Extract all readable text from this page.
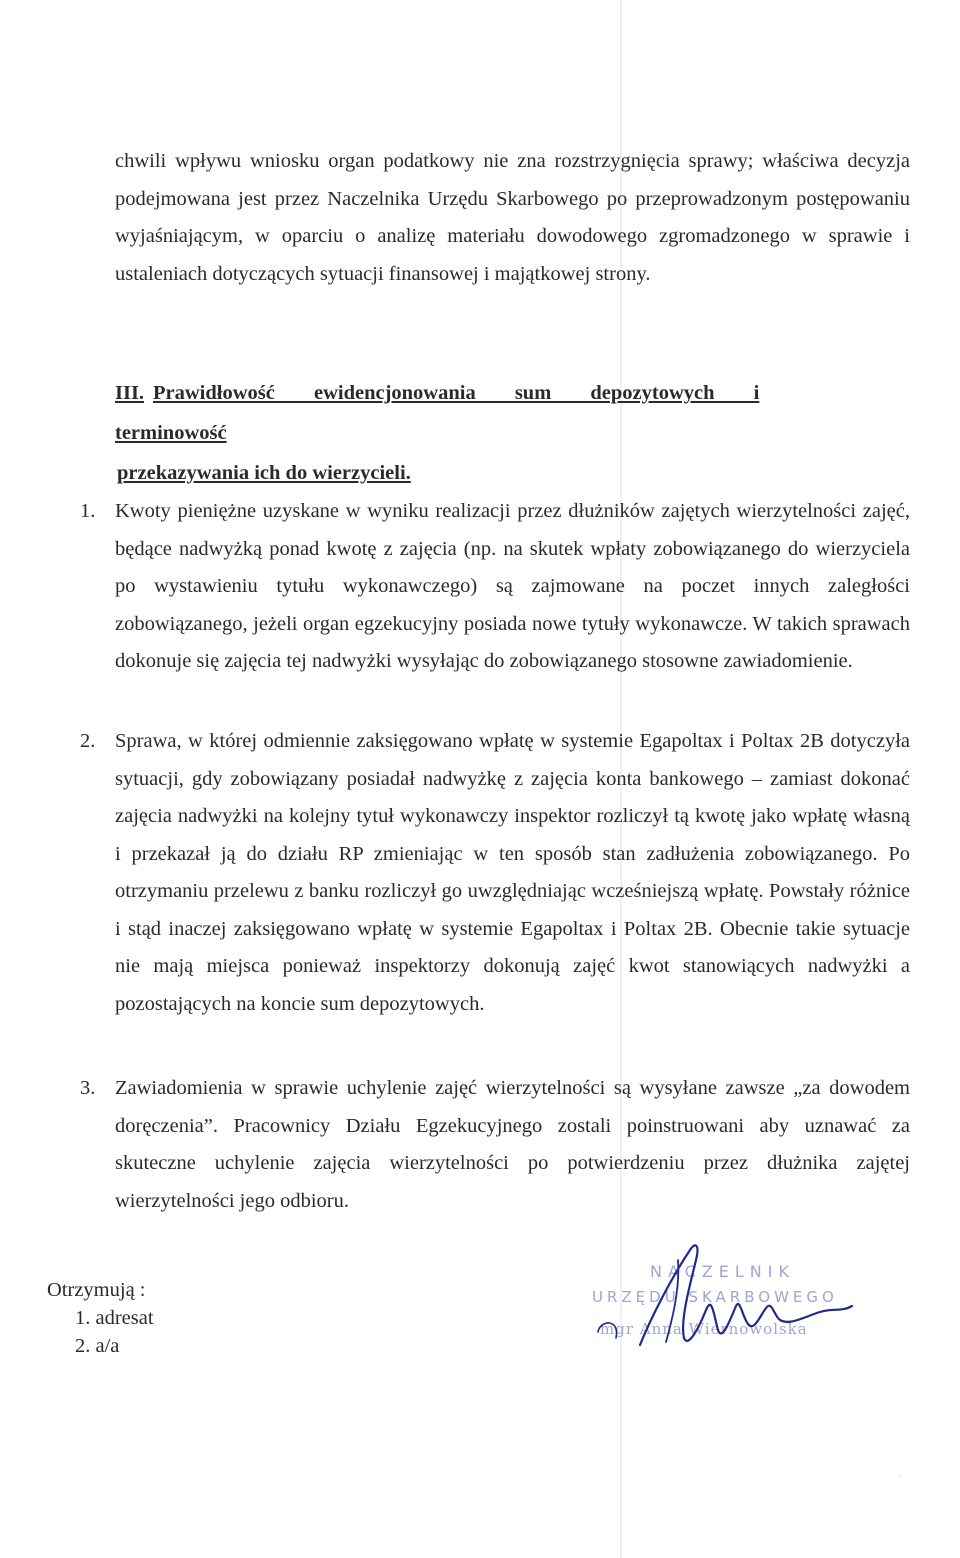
chwili wpływu wniosku organ podatkowy nie zna rozstrzygnięcia sprawy; właściwa decyzja podejmowana jest przez Naczelnika Urzędu Skarbowego po przeprowadzonym postępowaniu wyjaśniającym, w oparciu o analizę materiału dowodowego zgromadzonego w sprawie i ustaleniach dotyczących sytuacji finansowej i majątkowej strony.
III. Prawidłowość ewidencjonowania sum depozytowych i terminowość
przekazywania ich do wierzycieli.
1. Kwoty pieniężne uzyskane w wyniku realizacji przez dłużników zajętych wierzytelności zajęć, będące nadwyżką ponad kwotę z zajęcia (np. na skutek wpłaty zobowiązanego do wierzyciela po wystawieniu tytułu wykonawczego) są zajmowane na poczet innych zaległości zobowiązanego, jeżeli organ egzekucyjny posiada nowe tytuły wykonawcze. W takich sprawach dokonuje się zajęcia tej nadwyżki wysyłając do zobowiązanego stosowne zawiadomienie.
2. Sprawa, w której odmiennie zaksięgowano wpłatę w systemie Egapoltax i Poltax 2B dotyczyła sytuacji, gdy zobowiązany posiadał nadwyżkę z zajęcia konta bankowego – zamiast dokonać zajęcia nadwyżki na kolejny tytuł wykonawczy inspektor rozliczył tą kwotę jako wpłatę własną i przekazał ją do działu RP zmieniając w ten sposób stan zadłużenia zobowiązanego. Po otrzymaniu przelewu z banku rozliczył go uwzględniając wcześniejszą wpłatę. Powstały różnice i stąd inaczej zaksięgowano wpłatę w systemie Egapoltax i Poltax 2B. Obecnie takie sytuacje nie mają miejsca ponieważ inspektorzy dokonują zajęć kwot stanowiących nadwyżki a pozostających na koncie sum depozytowych.
3. Zawiadomienia w sprawie uchylenie zajęć wierzytelności są wysyłane zawsze „za dowodem doręczenia”. Pracownicy Działu Egzekucyjnego zostali poinstruowani aby uznawać za skuteczne uchylenie zajęcia wierzytelności po potwierdzeniu przez dłużnika zajętej wierzytelności jego odbioru.
Otrzymują :
1. adresat
2. a/a
NACZELNIK
URZĘDU SKARBOWEGO
mgr Anna Wiernowolska
·
